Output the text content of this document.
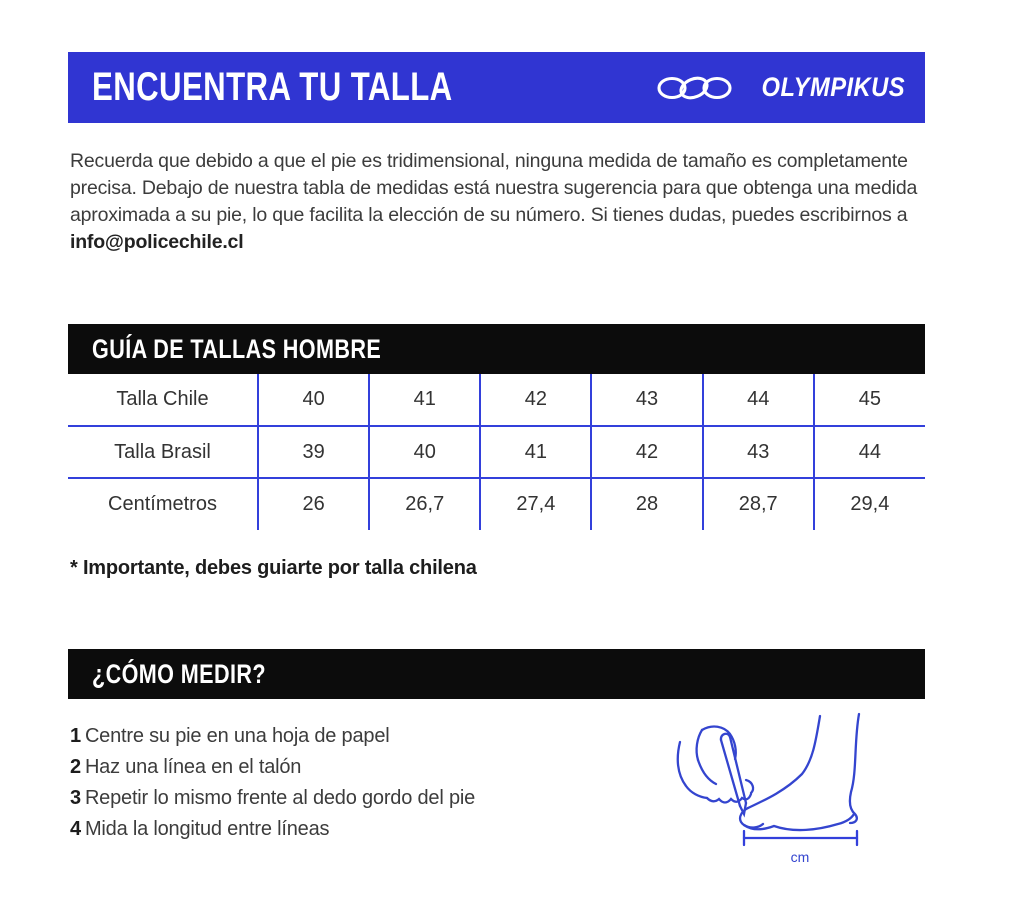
ENCUENTRA TU TALLA	OLYMPIKUS

Recuerda que debido a que el pie es tridimensional, ninguna medida de tamaño es completamente precisa. Debajo de nuestra tabla de medidas está nuestra sugerencia para que obtenga una medida aproximada a su pie, lo que facilita la elección de su número. Si tienes dudas, puedes escribirnos a info@policechile.cl

GUÍA DE TALLAS HOMBRE
Talla Chile	40	41	42	43	44	45
Talla Brasil	39	40	41	42	43	44
Centímetros	26	26,7	27,4	28	28,7	29,4
* Importante, debes guiarte por talla chilena
¿CÓMO MEDIR?
1 Centre su pie en una hoja de papel
2 Haz una línea en el talón
3 Repetir lo mismo frente al dedo gordo del pie
4 Mida la longitud entre líneas
cm
